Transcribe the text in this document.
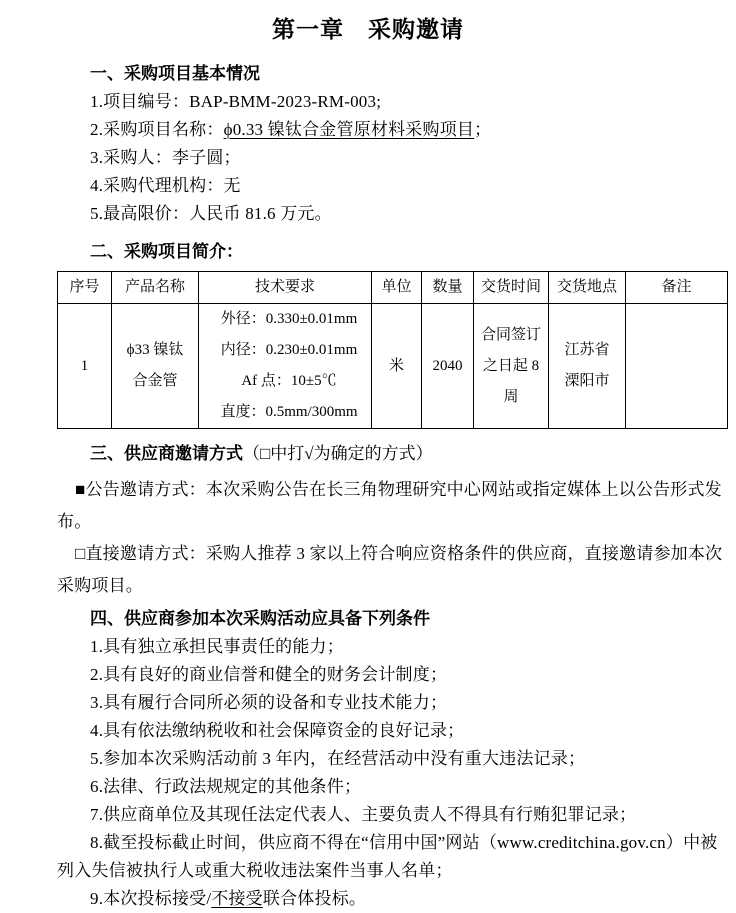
第一章　采购邀请
一、采购项目基本情况
1.项目编号：BAP-BMM-2023-RM-003;
2.采购项目名称：ϕ0.33 镍钛合金管原材料采购项目；
3.采购人：李子圆；
4.采购代理机构：无
5.最高限价：人民币 81.6 万元。
二、采购项目简介：
序号	产品名称	技术要求	单位	数量	交货时间	交货地点	备注
1	ϕ33 镍钛合金管	外径：0.330±0.01mm
内径：0.230±0.01mm
Af 点：10±5℃
直度：0.5mm/300mm	米	2040	合同签订之日起 8 周	江苏省溧阳市	
三、供应商邀请方式（□中打√为确定的方式）
■公告邀请方式：本次采购公告在长三角物理研究中心网站或指定媒体上以公告形式发布。
□直接邀请方式：采购人推荐 3 家以上符合响应资格条件的供应商，直接邀请参加本次采购项目。
四、供应商参加本次采购活动应具备下列条件
1.具有独立承担民事责任的能力；
2.具有良好的商业信誉和健全的财务会计制度；
3.具有履行合同所必须的设备和专业技术能力；
4.具有依法缴纳税收和社会保障资金的良好记录；
5.参加本次采购活动前 3 年内，在经营活动中没有重大违法记录；
6.法律、行政法规规定的其他条件；
7.供应商单位及其现任法定代表人、主要负责人不得具有行贿犯罪记录；
8.截至投标截止时间，供应商不得在“信用中国”网站（www.creditchina.gov.cn）中被列入失信被执行人或重大税收违法案件当事人名单；
9.本次投标接受/不接受联合体投标。
